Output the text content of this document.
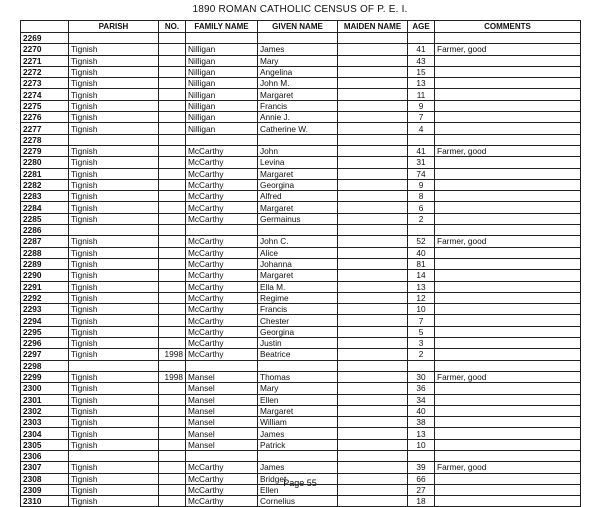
1890 ROMAN CATHOLIC CENSUS OF P. E. I.
	PARISH	NO.	FAMILY NAME	GIVEN NAME	MAIDEN NAME	AGE	COMMENTS
2269							
2270	Tignish		Nilligan	James		41	Farmer, good
2271	Tignish		Nilligan	Mary		43	
2272	Tignish		Nilligan	Angelina		15	
2273	Tignish		Nilligan	John M.		13	
2274	Tignish		Nilligan	Margaret		11	
2275	Tignish		Nilligan	Francis		9	
2276	Tignish		Nilligan	Annie J.		7	
2277	Tignish		Nilligan	Catherine W.		4	
2278							
2279	Tignish		McCarthy	John		41	Farmer, good
2280	Tignish		McCarthy	Levina		31	
2281	Tignish		McCarthy	Margaret		74	
2282	Tignish		McCarthy	Georgina		9	
2283	Tignish		McCarthy	Alfred		8	
2284	Tignish		McCarthy	Margaret		6	
2285	Tignish		McCarthy	Germainus		2	
2286							
2287	Tignish		McCarthy	John C.		52	Farmer, good
2288	Tignish		McCarthy	Alice		40	
2289	Tignish		McCarthy	Johanna		81	
2290	Tignish		McCarthy	Margaret		14	
2291	Tignish		McCarthy	Ella M.		13	
2292	Tignish		McCarthy	Regime		12	
2293	Tignish		McCarthy	Francis		10	
2294	Tignish		McCarthy	Chester		7	
2295	Tignish		McCarthy	Georgina		5	
2296	Tignish		McCarthy	Justin		3	
2297	Tignish	1998	McCarthy	Beatrice		2	
2298							
2299	Tignish	1998	Mansel	Thomas		30	Farmer, good
2300	Tignish		Mansel	Mary		36	
2301	Tignish		Mansel	Ellen		34	
2302	Tignish		Mansel	Margaret		40	
2303	Tignish		Mansel	William		38	
2304	Tignish		Mansel	James		13	
2305	Tignish		Mansel	Patrick		10	
2306							
2307	Tignish		McCarthy	James		39	Farmer, good
2308	Tignish		McCarthy	Bridget		66	
2309	Tignish		McCarthy	Ellen		27	
2310	Tignish		McCarthy	Cornelius		18	
Page 55
